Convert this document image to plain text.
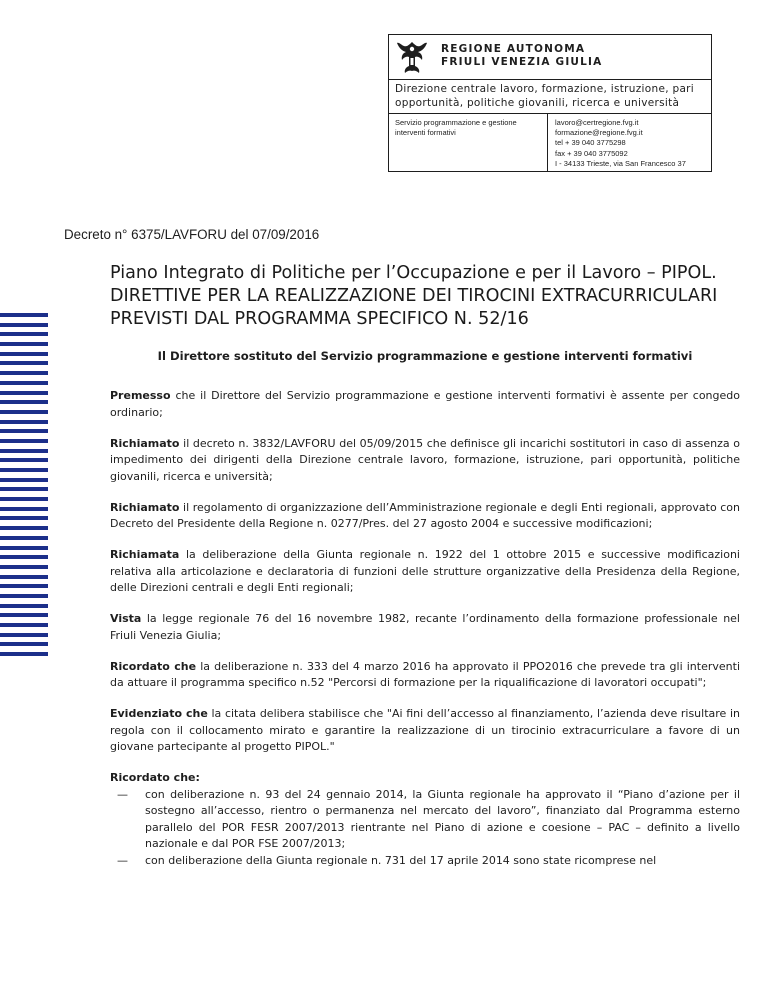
REGIONE AUTONOMA
FRIULI VENEZIA GIULIA
Direzione centrale lavoro, formazione, istruzione, pari opportunità, politiche giovanili, ricerca e università
Servizio programmazione e gestione interventi formativi
lavoro@certregione.fvg.it
formazione@regione.fvg.it
tel + 39 040 3775298
fax + 39 040 3775092
I - 34133 Trieste, via San Francesco 37
Decreto n° 6375/LAVFORU del 07/09/2016
Piano Integrato di Politiche per l’Occupazione e per il Lavoro – PIPOL.
DIRETTIVE PER LA REALIZZAZIONE DEI TIROCINI EXTRACURRICULARI
PREVISTI DAL PROGRAMMA SPECIFICO N. 52/16
Il Direttore sostituto del Servizio programmazione e gestione interventi formativi

Premesso che il Direttore del Servizio programmazione e gestione interventi formativi è assente per congedo ordinario;

Richiamato il decreto n. 3832/LAVFORU del 05/09/2015 che definisce gli incarichi sostitutori in caso di assenza o impedimento dei dirigenti della Direzione centrale lavoro, formazione, istruzione, pari opportunità, politiche giovanili, ricerca e università;

Richiamato il regolamento di organizzazione dell’Amministrazione regionale e degli Enti regionali, approvato con Decreto del Presidente della Regione n. 0277/Pres. del 27 agosto 2004 e successive modificazioni;

Richiamata la deliberazione della Giunta regionale n. 1922 del 1 ottobre 2015 e successive modificazioni relativa alla articolazione e declaratoria di funzioni delle strutture organizzative della Presidenza della Regione, delle Direzioni centrali e degli Enti regionali;

Vista la legge regionale 76 del 16 novembre 1982, recante l’ordinamento della formazione professionale nel Friuli Venezia Giulia;

Ricordato che la deliberazione n. 333 del 4 marzo 2016 ha approvato il PPO2016 che prevede tra gli interventi da attuare il programma specifico n.52 "Percorsi di formazione per la riqualificazione di lavoratori occupati";

Evidenziato che la citata delibera stabilisce che "Ai fini dell’accesso al finanziamento, l’azienda deve risultare in regola con il collocamento mirato e garantire la realizzazione di un tirocinio extracurriculare a favore di un giovane partecipante al progetto PIPOL."

Ricordato che:

— con deliberazione n. 93 del 24 gennaio 2014, la Giunta regionale ha approvato il “Piano d’azione per il sostegno all’accesso, rientro o permanenza nel mercato del lavoro”, finanziato dal Programma esterno parallelo del POR FESR 2007/2013 rientrante nel Piano di azione e coesione – PAC – definito a livello nazionale e dal POR FSE 2007/2013;
— con deliberazione della Giunta regionale n. 731 del 17 aprile 2014 sono state ricomprese nel
